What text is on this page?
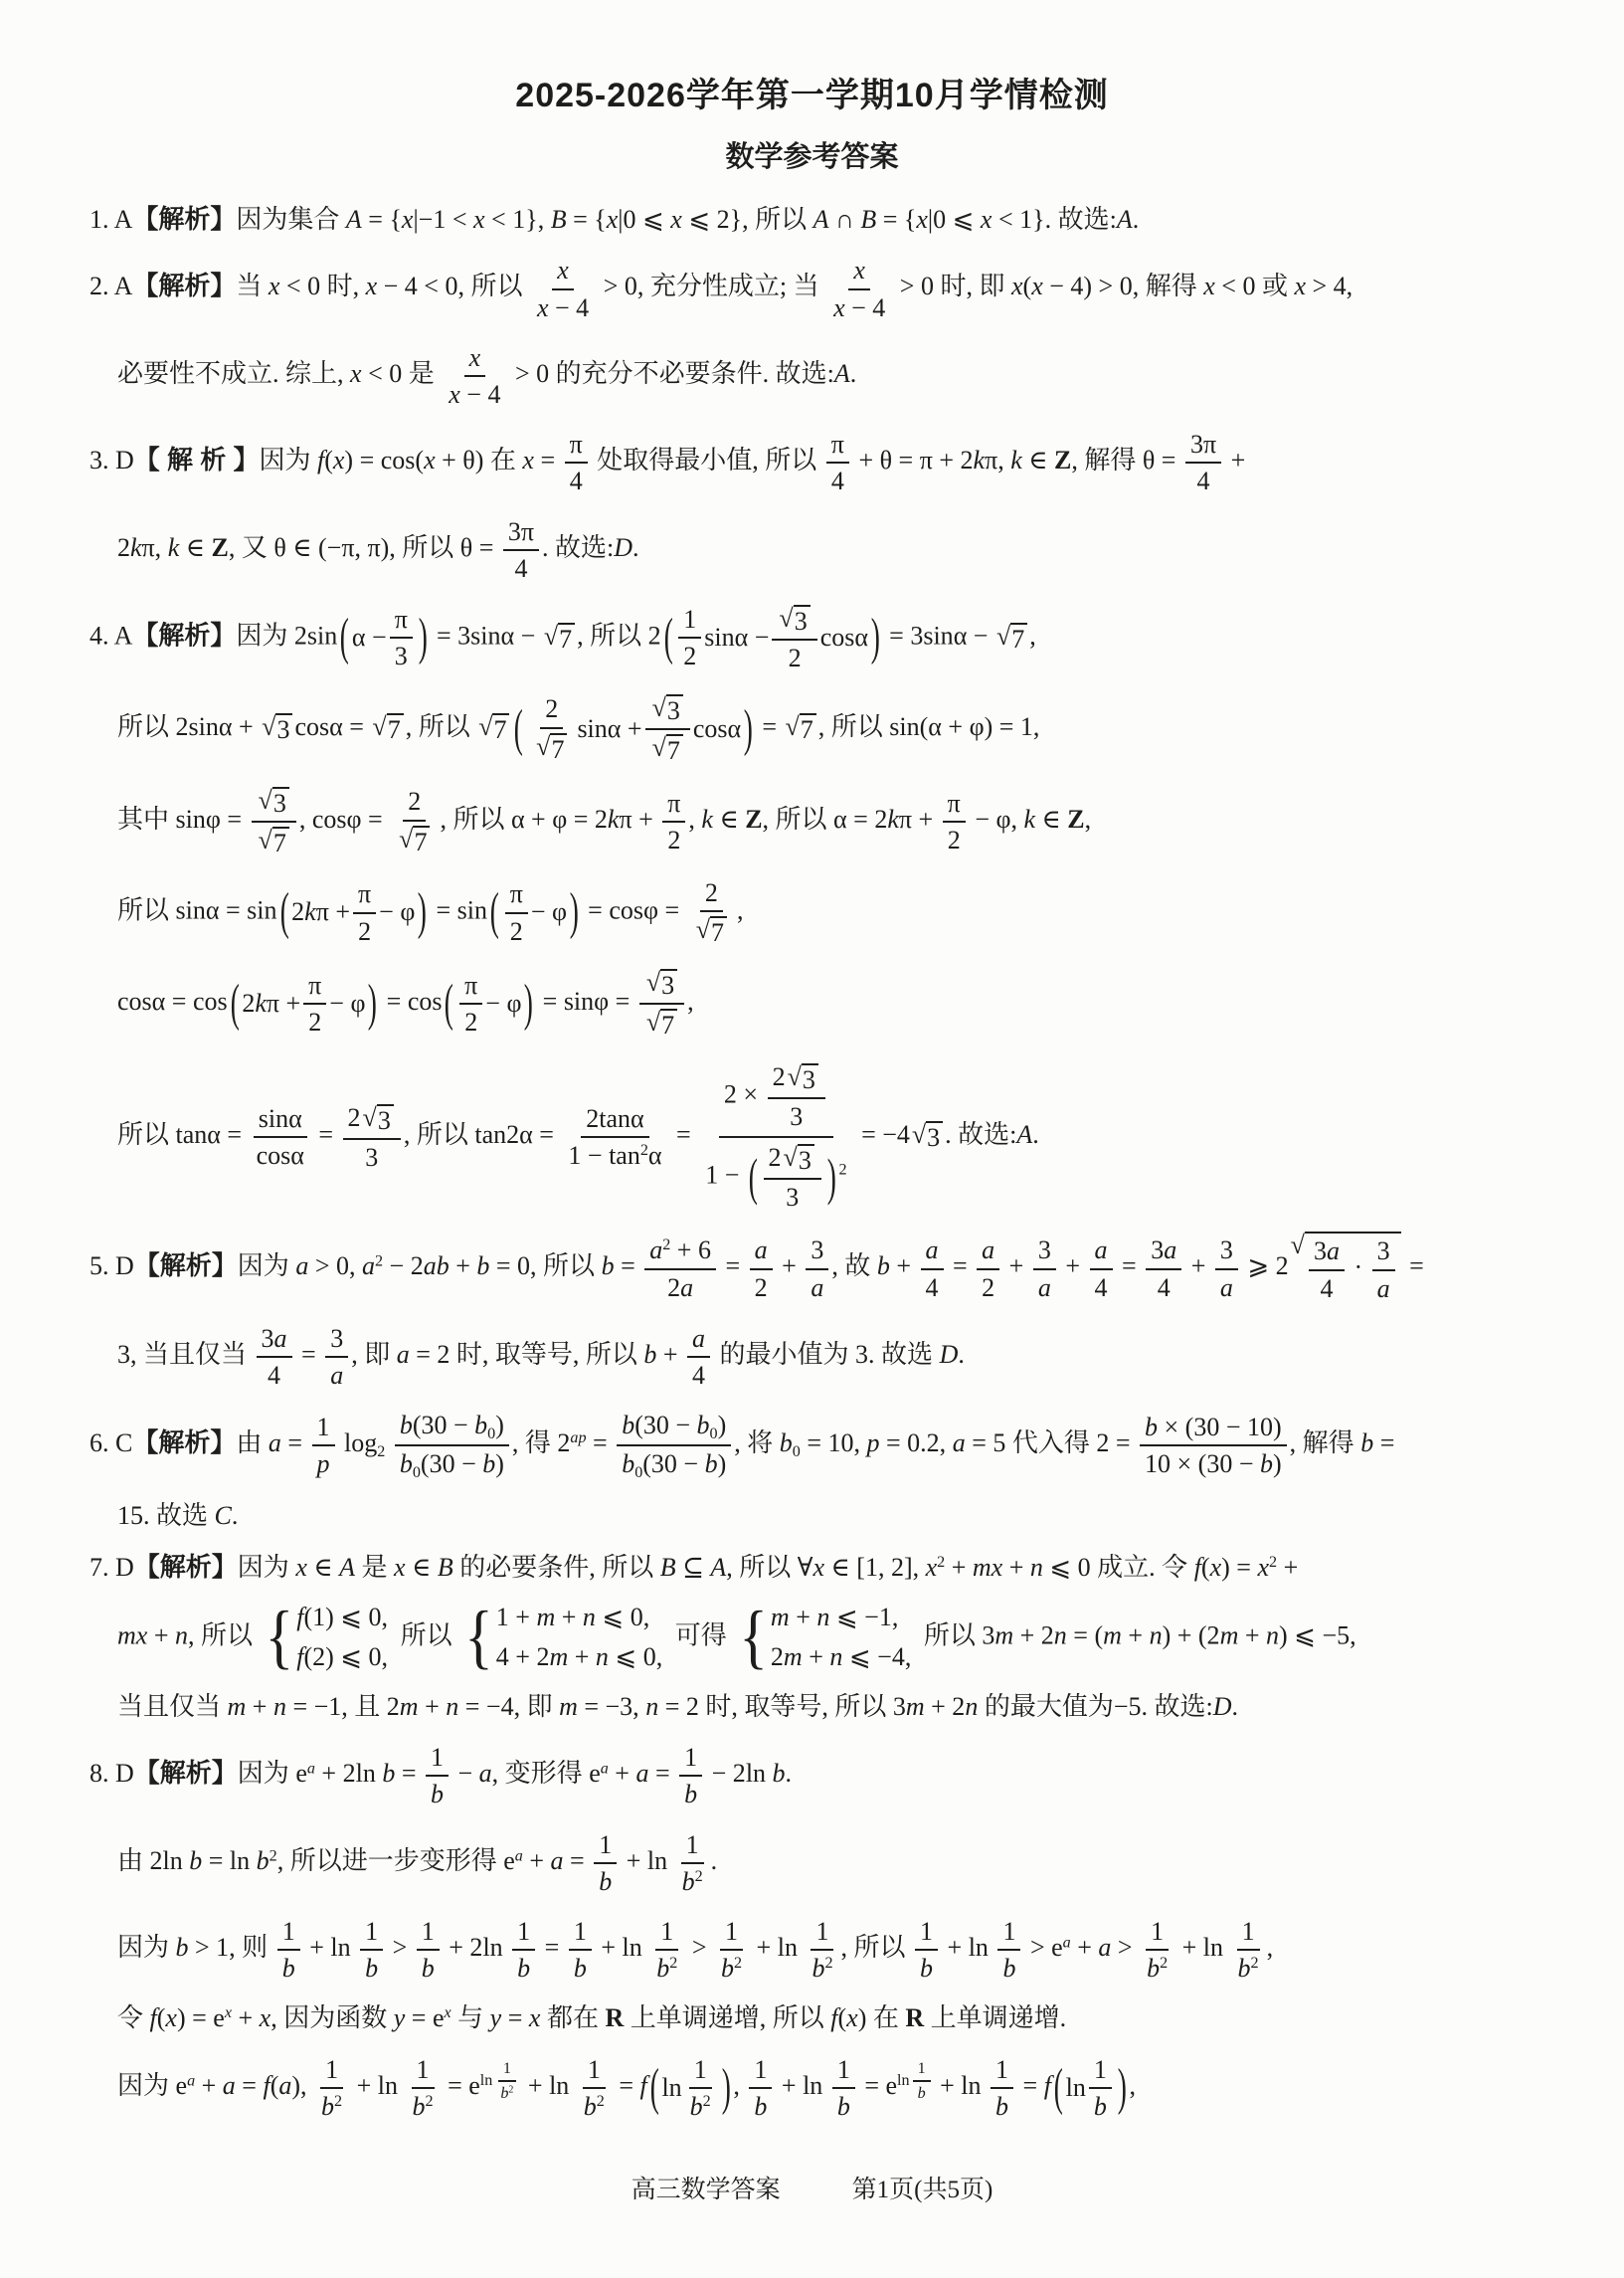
2025-2026学年第一学期10月学情检测
数学参考答案
1. A【解析】因为集合 A = {x|−1 < x < 1}, B = {x|0 ⩽ x ⩽ 2}, 所以 A ∩ B = {x|0 ⩽ x < 1}. 故选:A.
2. A【解析】当 x < 0 时, x − 4 < 0, 所以 $\frac{x}{x - 4} > 0$, 充分性成立; 当 $\frac{x}{x - 4} > 0$ 时, 即 x(x − 4) > 0, 解得 x < 0 或 x > 4,
必要性不成立. 综上, x < 0 是 $\frac{x}{x - 4} > 0$ 的充分不必要条件. 故选:A.
3. D【 解 析 】因为 f(x) = cos(x + θ) 在 $x = \frac{\pi}{4}$ 处取得最小值, 所以 $\frac{\pi}{4} + \theta = \pi + 2k\pi$, k ∈ Z, 解得 $\theta = \frac{3\pi}{4}$ +
2kπ, k ∈ Z, 又 θ ∈ (−π, π), 所以 $\theta = \frac{3\pi}{4}$ . 故选:D.
4. A【解析】因为 2sin ( $\alpha - \frac{\pi}{3}$ ) = 3sinα − √ 7 , 所以 2 ( $\frac{1}{2}$ $\sin\alpha - \frac{√ 3}{2}$ cosα ) = 3sinα − √ 7 ,
所以 2sinα + √ 3 cosα = √ 7 , 所以 √ 7 ( $\frac{2}{√ 7}$ $\sin\alpha + \frac{√ 3}{√ 7}$ cosα ) = √ 7 , 所以 sin(α + φ) = 1,
其中 $\sin\varphi = \frac{√ 3}{√ 7}$ , $\cos\varphi = \frac{2}{√ 7}$ , 所以 $\alpha + \varphi = 2k\pi + \frac{\pi}{2}$ , k ∈ Z, 所以 $\alpha = 2k\pi + \frac{\pi}{2} - \varphi$, k ∈ Z,
所以 sinα = sin ( $2k\pi + \frac{\pi}{2} - \varphi$ ) = sin ( $\frac{\pi}{2} - \varphi$ ) = $\cos\varphi = \frac{2}{√ 7}$ ,
cosα = cos ( $2k\pi + \frac{\pi}{2} - \varphi$ ) = cos ( $\frac{\pi}{2} - \varphi$ ) = $\sin\varphi = \frac{√ 3}{√ 7}$ ,
所以 $\tan\alpha = \frac{\sin\alpha}{\cos\alpha} = \frac{2 √ 3}{3}$ , 所以 $\tan 2\alpha = \frac{2\tan\alpha}{1 - \tan^2\alpha} = \frac{2 \times \frac{2 √ 3}{3}}{1 - ( \frac{2 √ 3}{3} ) ^2} = -4$ √ 3 . 故选:A.
5. D【解析】因为 a > 0, $a^2 - 2ab + b = 0$, 所以 $b = \frac{a^2 + 6}{2a} = \frac{a}{2} + \frac{3}{a}$ , 故 $b + \frac{a}{4} = \frac{a}{2} + \frac{3}{a} + \frac{a}{4} = \frac{3a}{4} + \frac{3}{a}$ ⩾ 2
√ $\frac{3a}{4} \cdot \frac{3}{a}$ =
3, 当且仅当 $\frac{3a}{4} = \frac{3}{a}$ , 即 a = 2 时, 取等号, 所以 $b + \frac{a}{4}$ 的最小值为 3. 故选 D.
6. C【解析】由 $a = \frac{1}{p} \log_2 \frac{b(30 - b_0)}{b_0(30 - b)}$ , 得 $2^{ap} = \frac{b(30 - b_0)}{b_0(30 - b)}$ , 将 $b_0 = 10$, p = 0.2, a = 5 代入得 $2 = \frac{b \times (30 - 10)}{10 \times (30 - b)}$ , 解得 b =
15. 故选 C.
7. D【解析】因为 x ∈ A 是 x ∈ B 的必要条件, 所以 B ⊆ A, 所以 ∀x ∈ [1, 2], $x^2$ + mx + n ⩽ 0 成立. 令 $f(x) = x^2$ +
mx + n, 所以 { f(1) ⩽ 0,
f(2) ⩽ 0,
所以 { 1 + m + n ⩽ 0,
4 + 2m + n ⩽ 0,
可得 { m + n ⩽ −1,
2m + n ⩽ −4,
所以 3m + 2n = (m + n) + (2m + n) ⩽ −5,
当且仅当 m + n = −1, 且 2m + n = −4, 即 m = −3, n = 2 时, 取等号, 所以 3m + 2n 的最大值为−5. 故选:D.
8. D【解析】因为 $e^a + 2\ln$ $b = \frac{1}{b} - a$, 变形得 $e^a + a = \frac{1}{b} - 2\ln$ b.
由 2ln $b = \ln b^2$, 所以进一步变形得 $e^a + a = \frac{1}{b} + \ln \frac{1}{b^2}$ .
因为 b > 1, 则 $\frac{1}{b} + \ln \frac{1}{b} > \frac{1}{b} + 2\ln \frac{1}{b} = \frac{1}{b} + \ln \frac{1}{b^2} > \frac{1}{b^2} + \ln \frac{1}{b^2}$ , 所以 $\frac{1}{b} + \ln \frac{1}{b} > e^a + a > \frac{1}{b^2} + \ln \frac{1}{b^2}$ ,
令 $f(x) = e^x + x$, 因为函数 $y = e^x$ 与 y = x 都在 R 上单调递增, 所以 f(x) 在 R 上单调递增.
因为 $e^a + a = f(a)$, $\frac{1}{b^2} + \ln \frac{1}{b^2} = e^{ln \frac{1}{b^2}} + \ln \frac{1}{b^2} = f$ ( $\ln \frac{1}{b^2}$ ) , $\frac{1}{b} + \ln \frac{1}{b} = e^{ln \frac{1}{b}} + \ln \frac{1}{b} = f$ ( $\ln \frac{1}{b}$ ) ,
高三数学答案	第1页(共5页)
